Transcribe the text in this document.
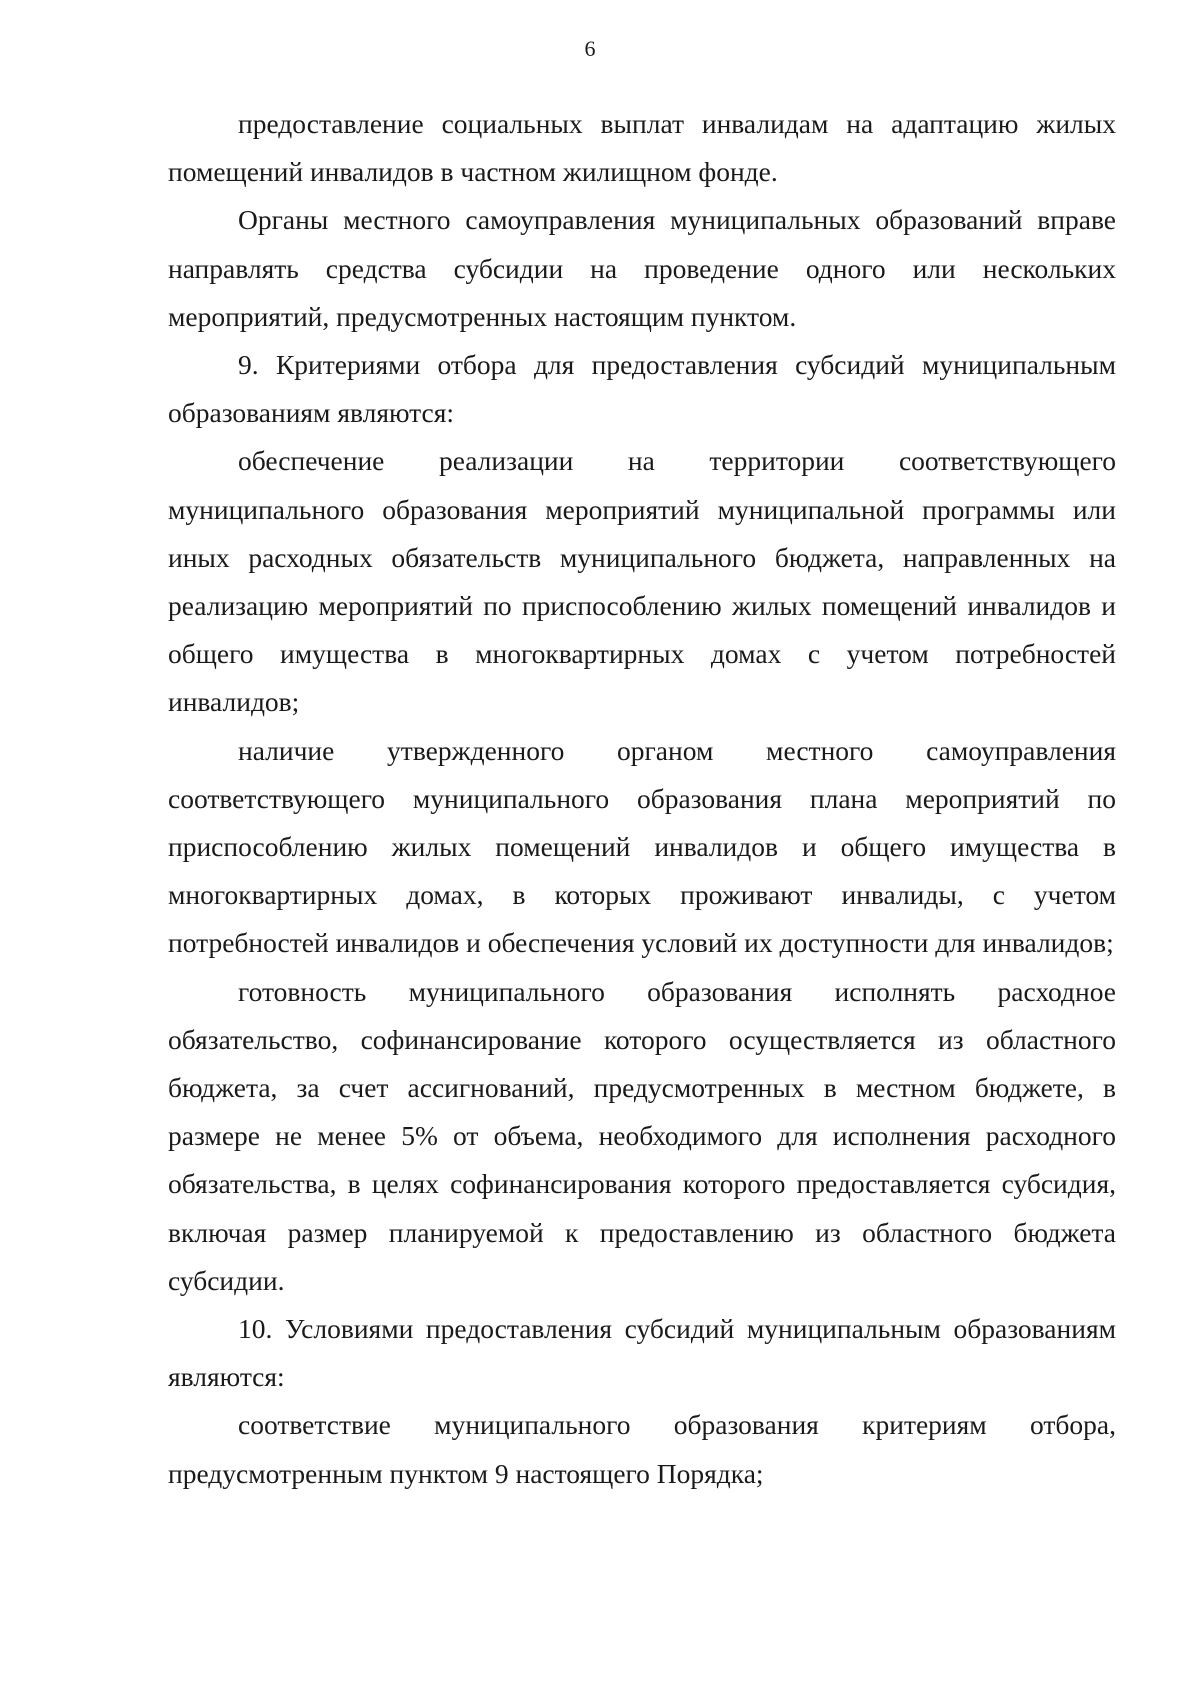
6

предоставление социальных выплат инвалидам на адаптацию жилых помещений инвалидов в частном жилищном фонде.

Органы местного самоуправления муниципальных образований вправе направлять средства субсидии на проведение одного или нескольких мероприятий, предусмотренных настоящим пунктом.

9. Критериями отбора для предоставления субсидий муниципальным образованиям являются:

обеспечение реализации на территории соответствующего муниципального образования мероприятий муниципальной программы или иных расходных обязательств муниципального бюджета, направленных на реализацию мероприятий по приспособлению жилых помещений инвалидов и общего имущества в многоквартирных домах с учетом потребностей инвалидов;

наличие утвержденного органом местного самоуправления соответствующего муниципального образования плана мероприятий по приспособлению жилых помещений инвалидов и общего имущества в многоквартирных домах, в которых проживают инвалиды, с учетом потребностей инвалидов и обеспечения условий их доступности для инвалидов;

готовность муниципального образования исполнять расходное обязательство, софинансирование которого осуществляется из областного бюджета, за счет ассигнований, предусмотренных в местном бюджете, в размере не менее 5% от объема, необходимого для исполнения расходного обязательства, в целях софинансирования которого предоставляется субсидия, включая размер планируемой к предоставлению из областного бюджета субсидии.

10. Условиями предоставления субсидий муниципальным образованиям являются:

соответствие муниципального образования критериям отбора, предусмотренным пунктом 9 настоящего Порядка;
